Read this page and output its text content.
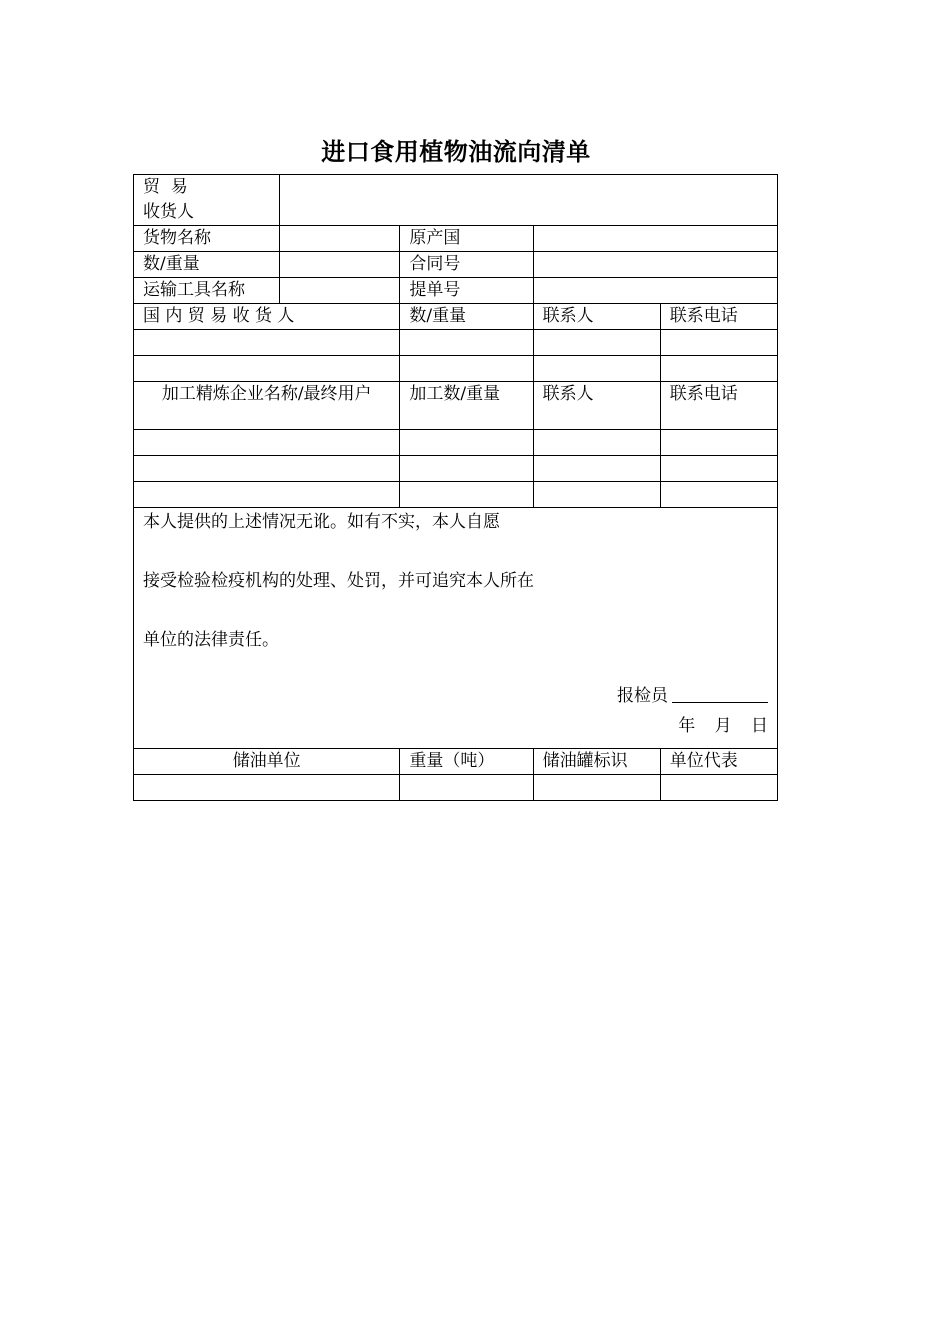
进口食用植物油流向清单
贸  易
收货人				

货物名称		原产国		
数/重量		合同号		
运输工具名称		提单号		
国 内 贸 易 收 货 人		数/重量	联系人	联系电话

加工精炼企业名称/最终用户		加工数/重量	联系人	联系电话

本人提供的上述情况无讹。如有不实，本人自愿
接受检验检疫机构的处理、处罚，并可追究本人所在
单位的法律责任。
报检员
年 月 日				

储油单位		重量（吨）	储油罐标识	单位代表
